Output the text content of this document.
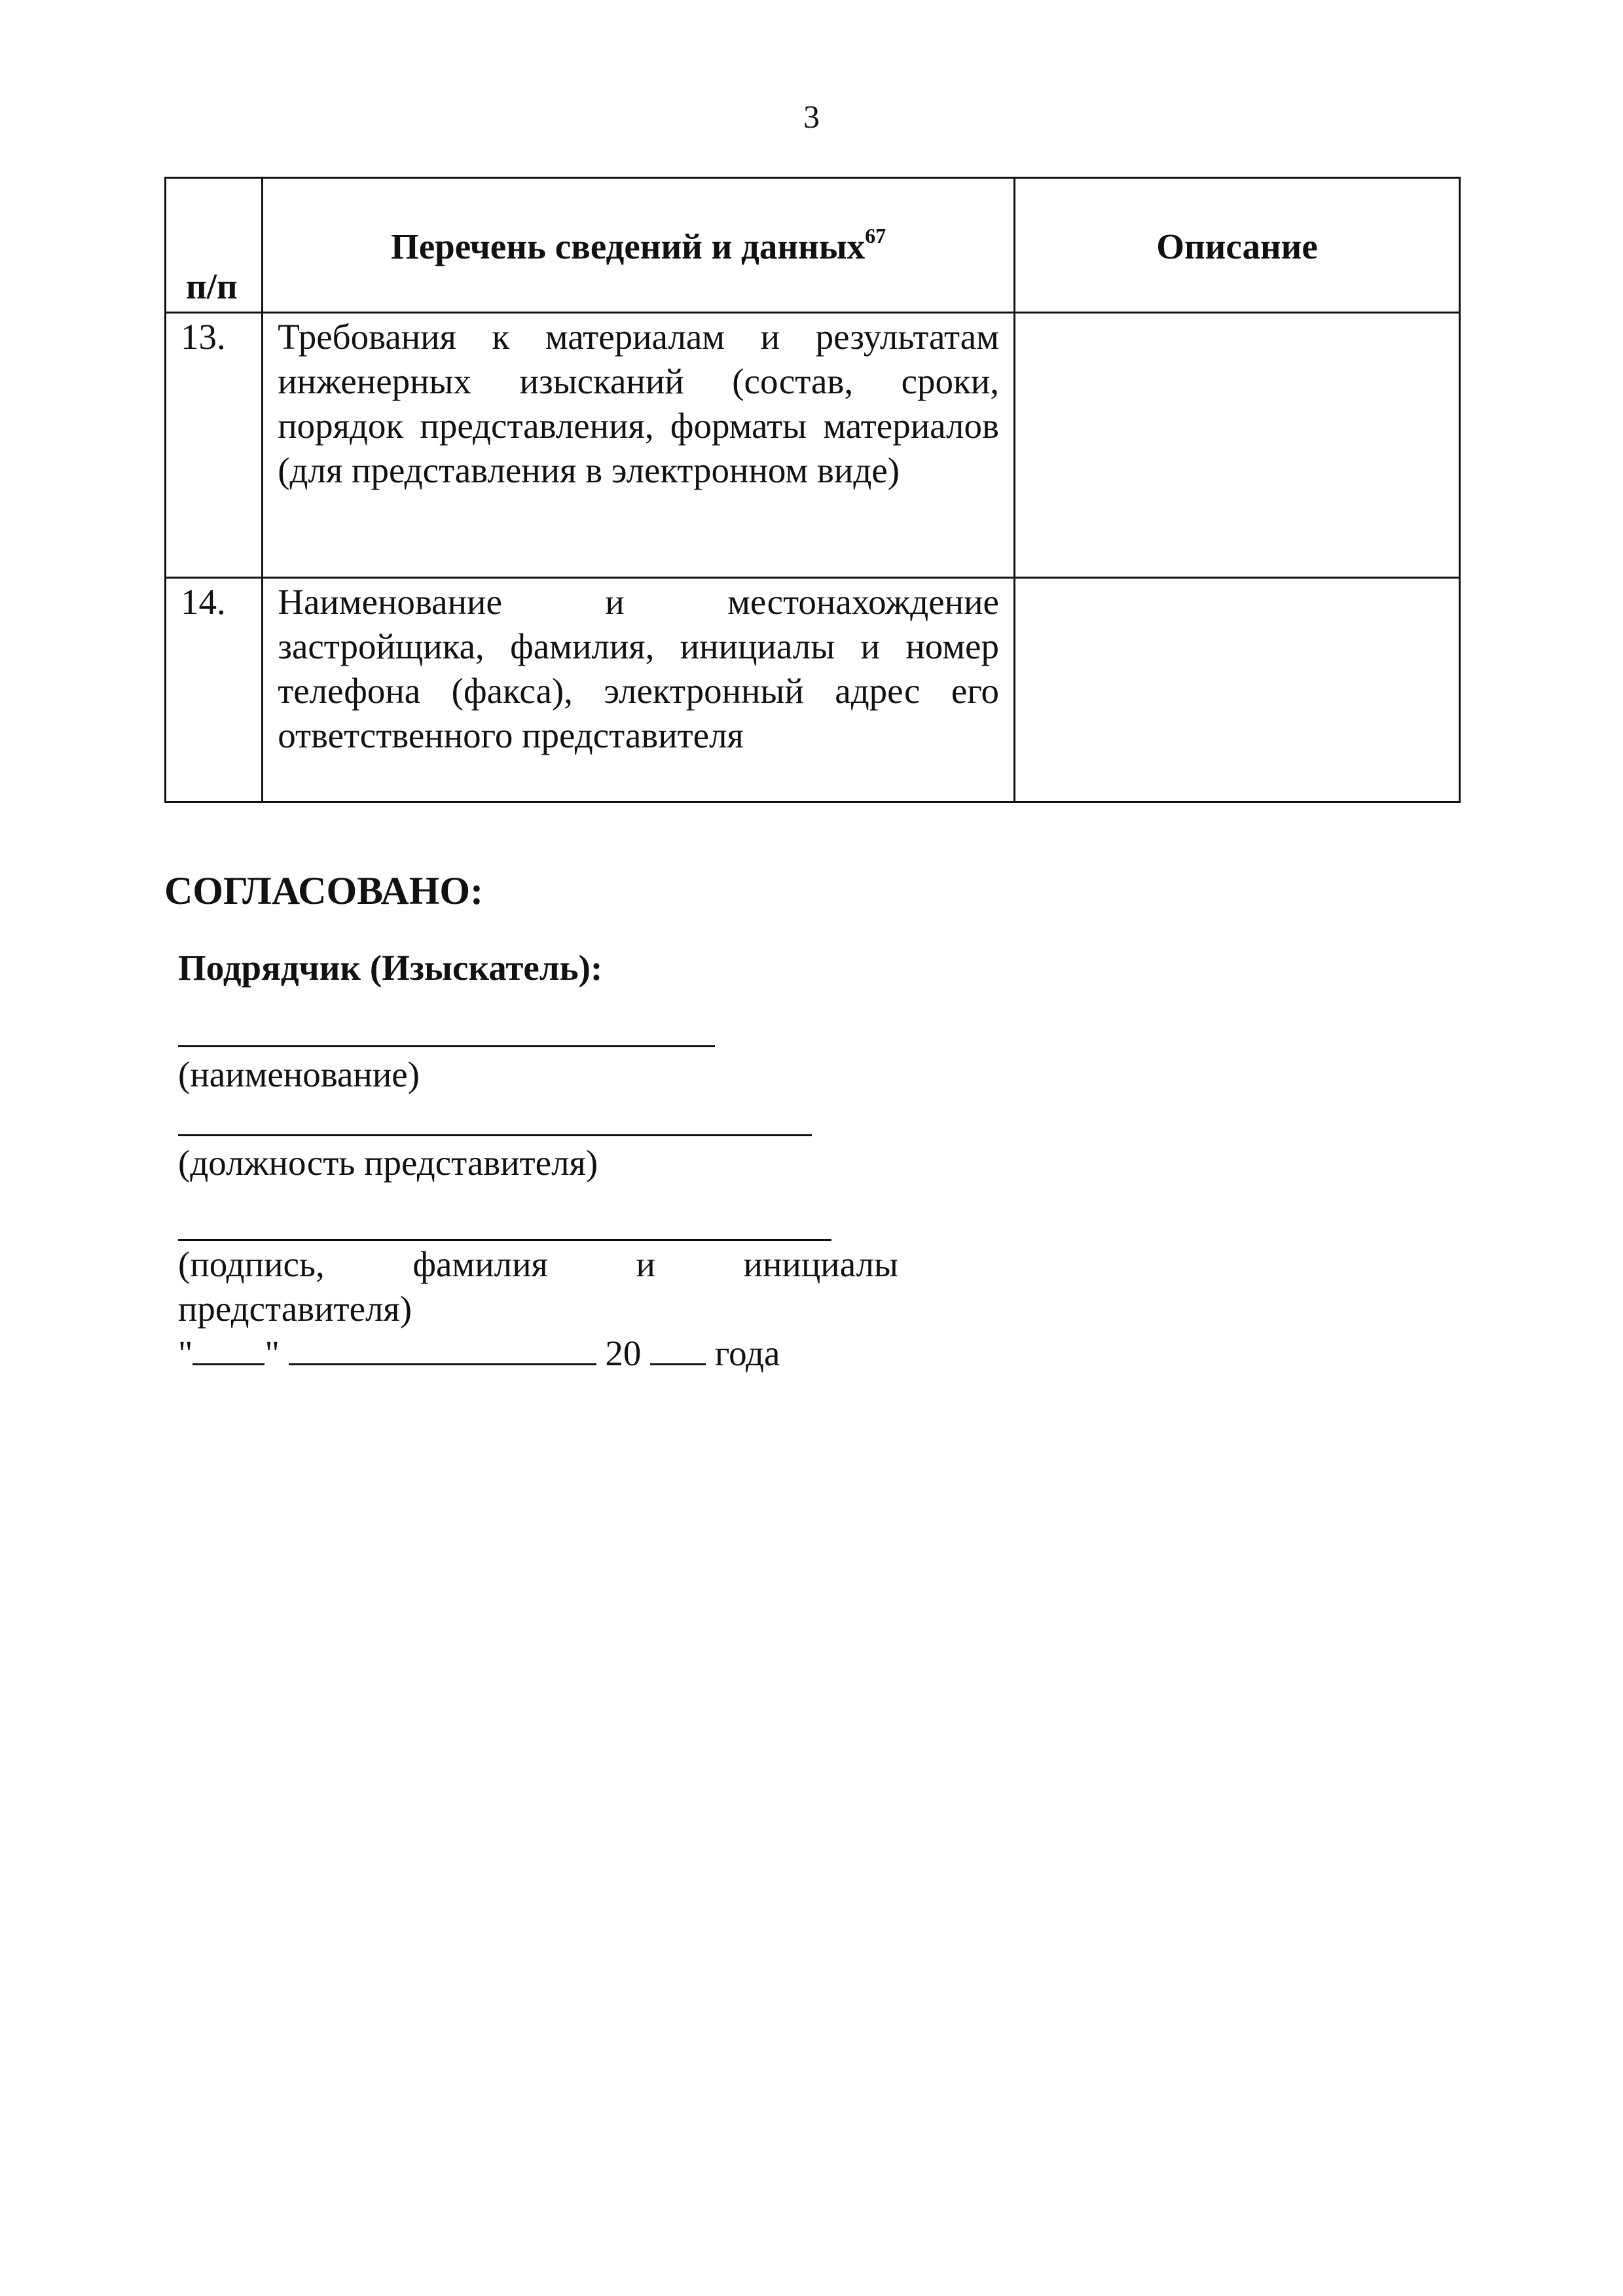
3
п/п	Перечень сведений и данных$^{67}$	Описание

13.	Требования к материалам и результатам инженерных изысканий (состав, сроки, порядок представления, форматы материалов (для представления в электронном виде)	
14.	Наименование и местонахождение застройщика, фамилия, инициалы и номер телефона (факса), электронный адрес его ответственного представителя	
СОГЛАСОВАНО:
Подрядчик (Изыскатель):
(наименование)
(должность представителя)
(подпись, фамилия и инициалы
представителя)
" "	20 года
